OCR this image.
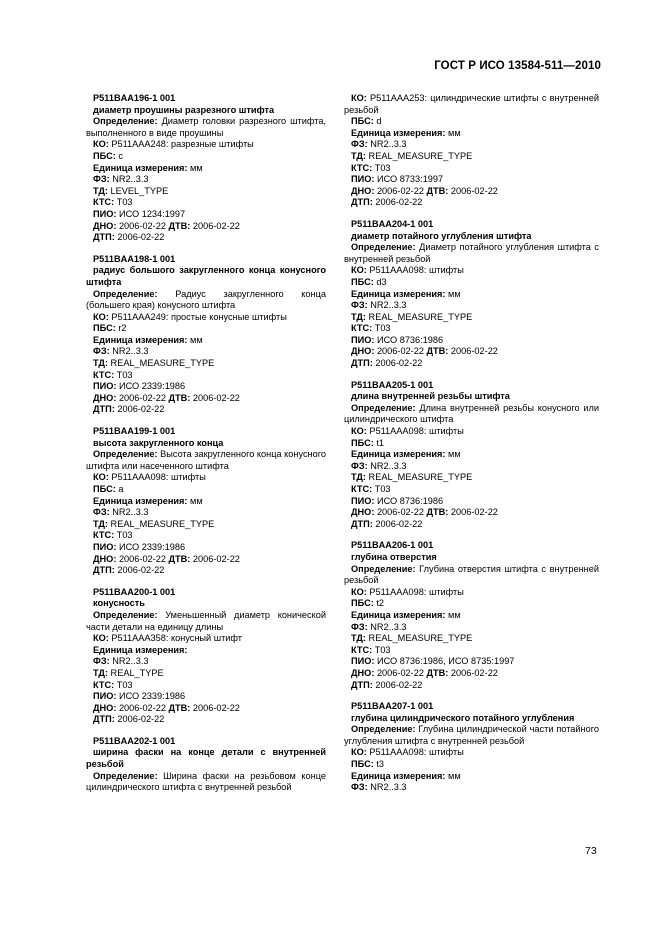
ГОСТ Р ИСО 13584-511—2010
P511BAA196-1 001
диаметр проушины разрезного штифта
Определение: Диаметр головки разрезного штифта, выполненного в виде проушины
КО: P511AAA248: разрезные штифты
ПБС: c
Единица измерения: мм
ФЗ: NR2..3.3
ТД: LEVEL_TYPE
КТС: T03
ПИО: ИСО 1234:1997
ДНО: 2006-02-22 ДТВ: 2006-02-22
ДТП: 2006-02-22
P511BAA198-1 001
радиус большого закругленного конца конусного штифта
Определение: Радиус закругленного конца (большего края) конусного штифта
КО: P511AAA249: простые конусные штифты
ПБС: r2
Единица измерения: мм
ФЗ: NR2..3.3
ТД: REAL_MEASURE_TYPE
КТС: T03
ПИО: ИСО 2339:1986
ДНО: 2006-02-22 ДТВ: 2006-02-22
ДТП: 2006-02-22
P511BAA199-1 001
высота закругленного конца
Определение: Высота закругленного конца конусного штифта или насеченного штифта
КО: P511AAA098: штифты
ПБС: a
Единица измерения: мм
ФЗ: NR2..3.3
ТД: REAL_MEASURE_TYPE
КТС: T03
ПИО: ИСО 2339:1986
ДНО: 2006-02-22 ДТВ: 2006-02-22
ДТП: 2006-02-22
P511BAA200-1 001
конусность
Определение: Уменьшенный диаметр конической части детали на единицу длины
КО: P511AAA358: конусный штифт
Единица измерения:
ФЗ: NR2..3.3
ТД: REAL_TYPE
КТС: T03
ПИО: ИСО 2339:1986
ДНО: 2006-02-22 ДТВ: 2006-02-22
ДТП: 2006-02-22
P511BAA202-1 001
ширина фаски на конце детали с внутренней резьбой
Определение: Ширина фаски на резьбовом конце цилиндрического штифта с внутренней резьбой
КО: P511AAA253: цилиндрические штифты с внутренней резьбой
ПБС: d
Единица измерения: мм
ФЗ: NR2..3.3
ТД: REAL_MEASURE_TYPE
КТС: T03
ПИО: ИСО 8733:1997
ДНО: 2006-02-22 ДТВ: 2006-02-22
ДТП: 2006-02-22
P511BAA204-1 001
диаметр потайного углубления штифта
Определение: Диаметр потайного углубления штифта с внутренней резьбой
КО: P511AAA098: штифты
ПБС: d3
Единица измерения: мм
ФЗ: NR2..3.3
ТД: REAL_MEASURE_TYPE
КТС: T03
ПИО: ИСО 8736:1986
ДНО: 2006-02-22 ДТВ: 2006-02-22
ДТП: 2006-02-22
P511BAA205-1 001
длина внутренней резьбы штифта
Определение: Длина внутренней резьбы конусного или цилиндрического штифта
КО: P511AAA098: штифты
ПБС: t1
Единица измерения: мм
ФЗ: NR2..3.3
ТД: REAL_MEASURE_TYPE
КТС: T03
ПИО: ИСО 8736:1986
ДНО: 2006-02-22 ДТВ: 2006-02-22
ДТП: 2006-02-22
P511BAA206-1 001
глубина отверстия
Определение: Глубина отверстия штифта с внутренней резьбой
КО: P511AAA098: штифты
ПБС: t2
Единица измерения: мм
ФЗ: NR2..3.3
ТД: REAL_MEASURE_TYPE
КТС: T03
ПИО: ИСО 8736:1986, ИСО 8735:1997
ДНО: 2006-02-22 ДТВ: 2006-02-22
ДТП: 2006-02-22
P511BAA207-1 001
глубина цилиндрического потайного углубления
Определение: Глубина цилиндрической части потайного углубления штифта с внутренней резьбой
КО: P511AAA098: штифты
ПБС: t3
Единица измерения: мм
ФЗ: NR2..3.3
73
